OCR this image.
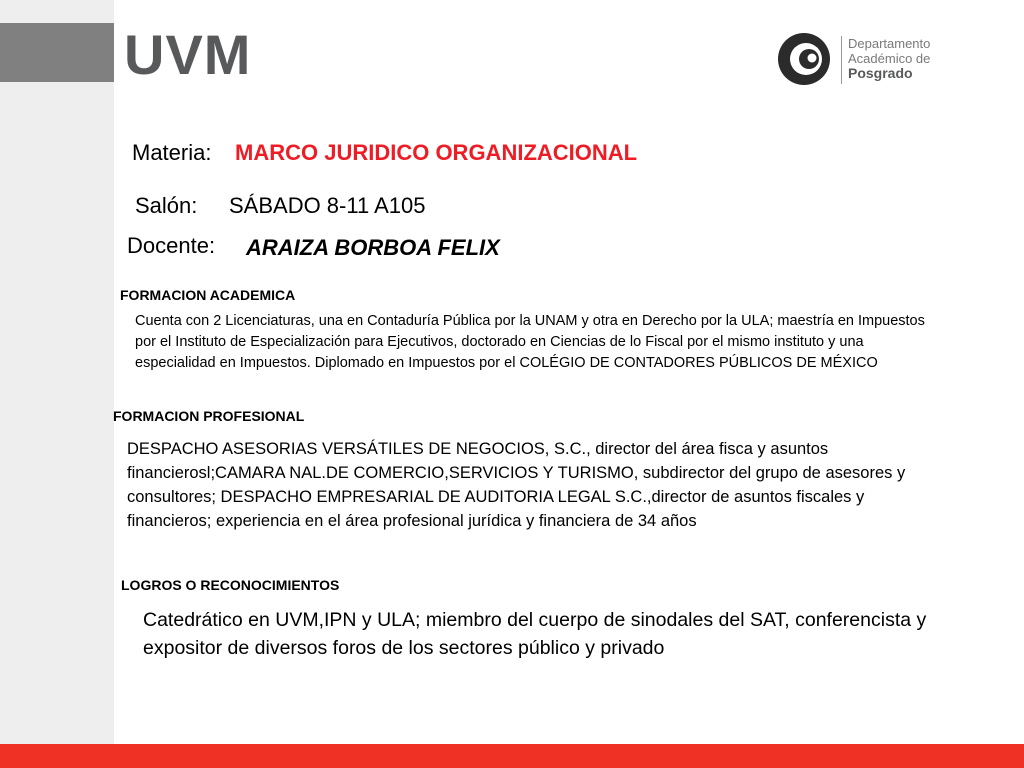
UVM	Departamento
Académico de
Posgrado
Materia: MARCO JURIDICO ORGANIZACIONAL
Salón: SÁBADO 8-11 A105
Docente: ARAIZA BORBOA FELIX
FORMACION ACADEMICA
Cuenta con 2 Licenciaturas, una en Contaduría Pública por la UNAM y otra en Derecho por la ULA; maestría en Impuestos por el Instituto de Especialización para Ejecutivos, doctorado en Ciencias de lo Fiscal por el mismo instituto y una especialidad en Impuestos. Diplomado en Impuestos por el COLÉGIO DE CONTADORES PÚBLICOS DE MÉXICO
FORMACION PROFESIONAL
DESPACHO ASESORIAS VERSÁTILES DE NEGOCIOS, S.C., director del área fisca y asuntos financierosl;CAMARA NAL.DE COMERCIO,SERVICIOS Y TURISMO, subdirector del grupo de asesores y consultores; DESPACHO EMPRESARIAL DE AUDITORIA LEGAL S.C.,director de asuntos fiscales y financieros; experiencia en el área profesional jurídica y financiera de 34 años
LOGROS O RECONOCIMIENTOS
Catedrático en UVM,IPN y ULA; miembro del cuerpo de sinodales del SAT, conferencista y expositor de diversos foros de los sectores público y privado
